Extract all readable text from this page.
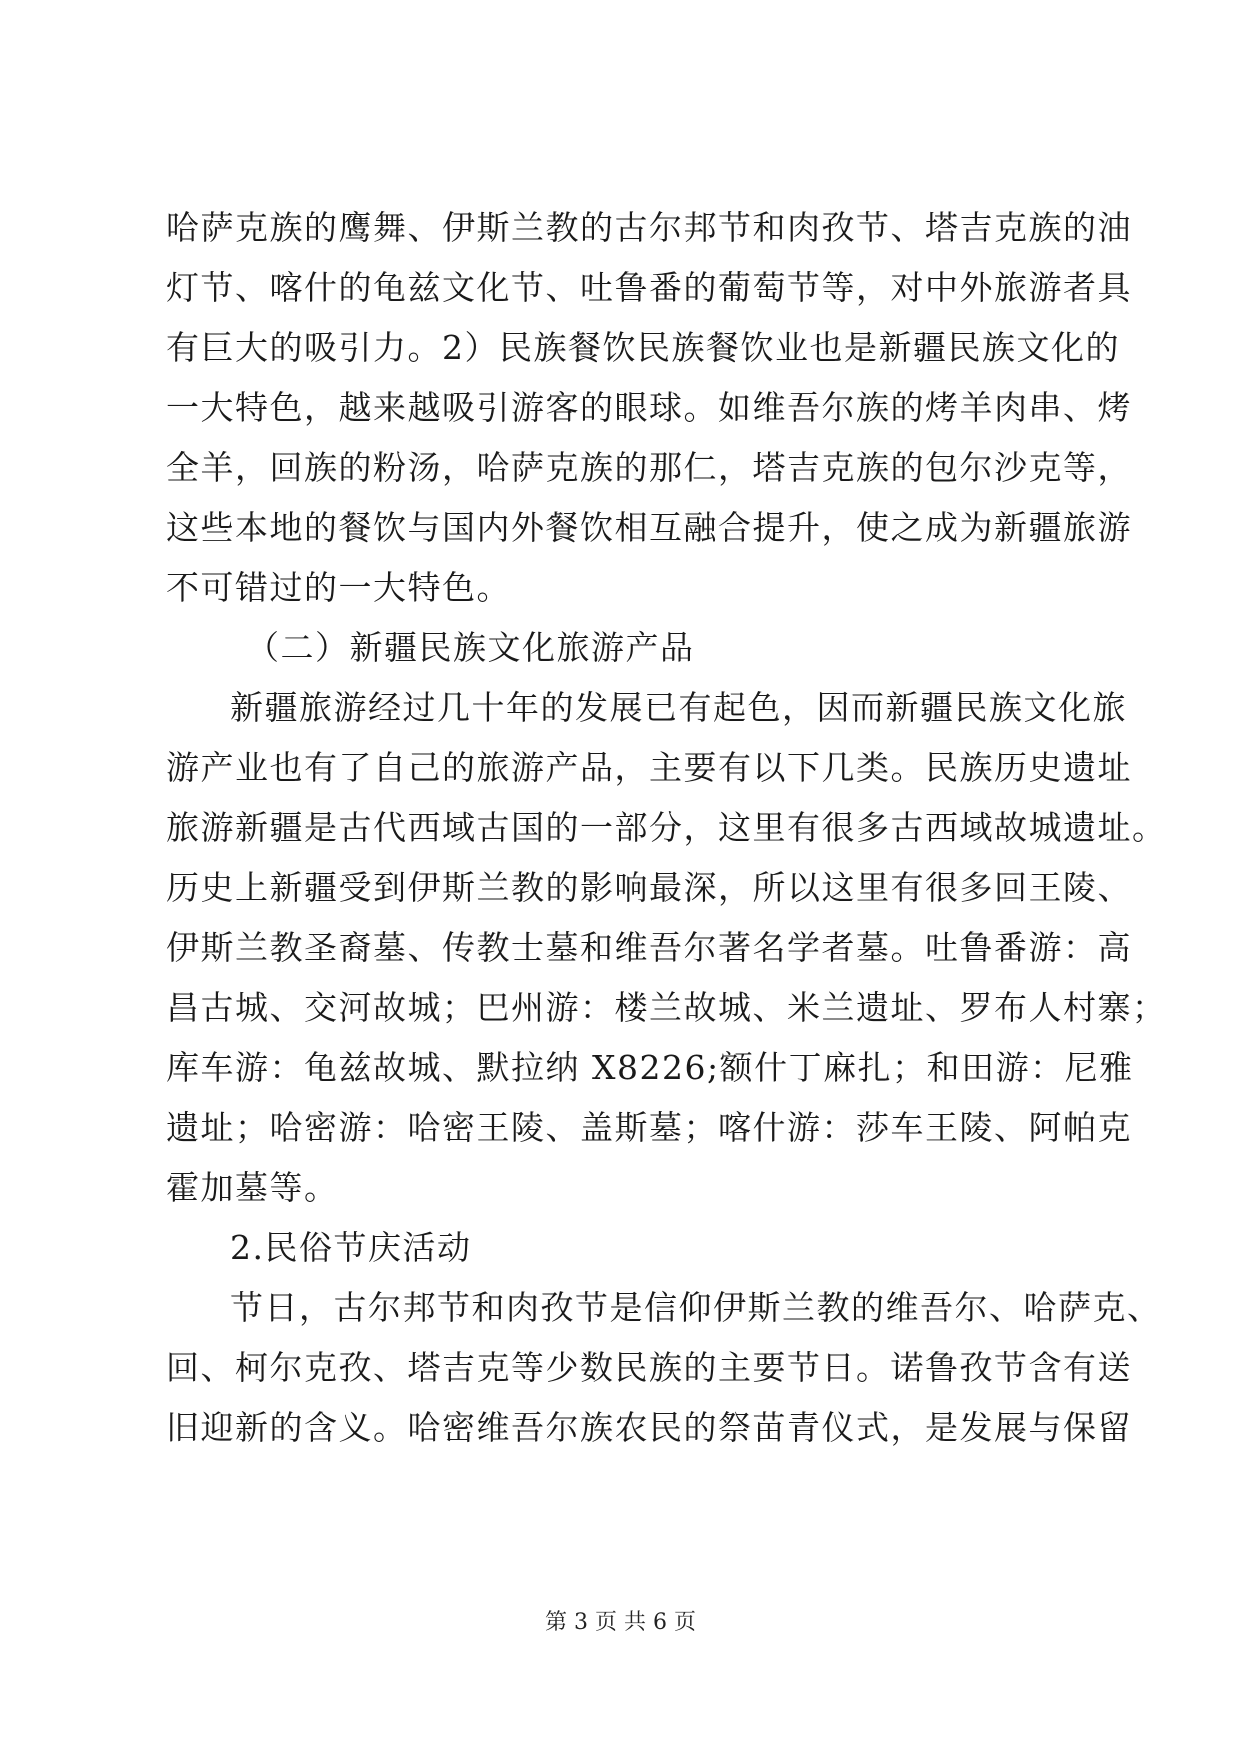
哈萨克族的鹰舞、伊斯兰教的古尔邦节和肉孜节、塔吉克族的油
灯节、喀什的龟兹文化节、吐鲁番的葡萄节等，对中外旅游者具
有巨大的吸引力。2）民族餐饮民族餐饮业也是新疆民族文化的
一大特色，越来越吸引游客的眼球。如维吾尔族的烤羊肉串、烤
全羊，回族的粉汤，哈萨克族的那仁，塔吉克族的包尔沙克等，
这些本地的餐饮与国内外餐饮相互融合提升，使之成为新疆旅游
不可错过的一大特色。
（二）新疆民族文化旅游产品
新疆旅游经过几十年的发展已有起色，因而新疆民族文化旅
游产业也有了自己的旅游产品，主要有以下几类。民族历史遗址
旅游新疆是古代西域古国的一部分，这里有很多古西域故城遗址。
历史上新疆受到伊斯兰教的影响最深，所以这里有很多回王陵、
伊斯兰教圣裔墓、传教士墓和维吾尔著名学者墓。吐鲁番游：高
昌古城、交河故城；巴州游：楼兰故城、米兰遗址、罗布人村寨；
库车游：龟兹故城、默拉纳 X8226;额什丁麻扎；和田游：尼雅
遗址；哈密游：哈密王陵、盖斯墓；喀什游：莎车王陵、阿帕克
霍加墓等。
2.民俗节庆活动
节日，古尔邦节和肉孜节是信仰伊斯兰教的维吾尔、哈萨克、
回、柯尔克孜、塔吉克等少数民族的主要节日。诺鲁孜节含有送
旧迎新的含义。哈密维吾尔族农民的祭苗青仪式，是发展与保留
第 3 页 共 6 页
